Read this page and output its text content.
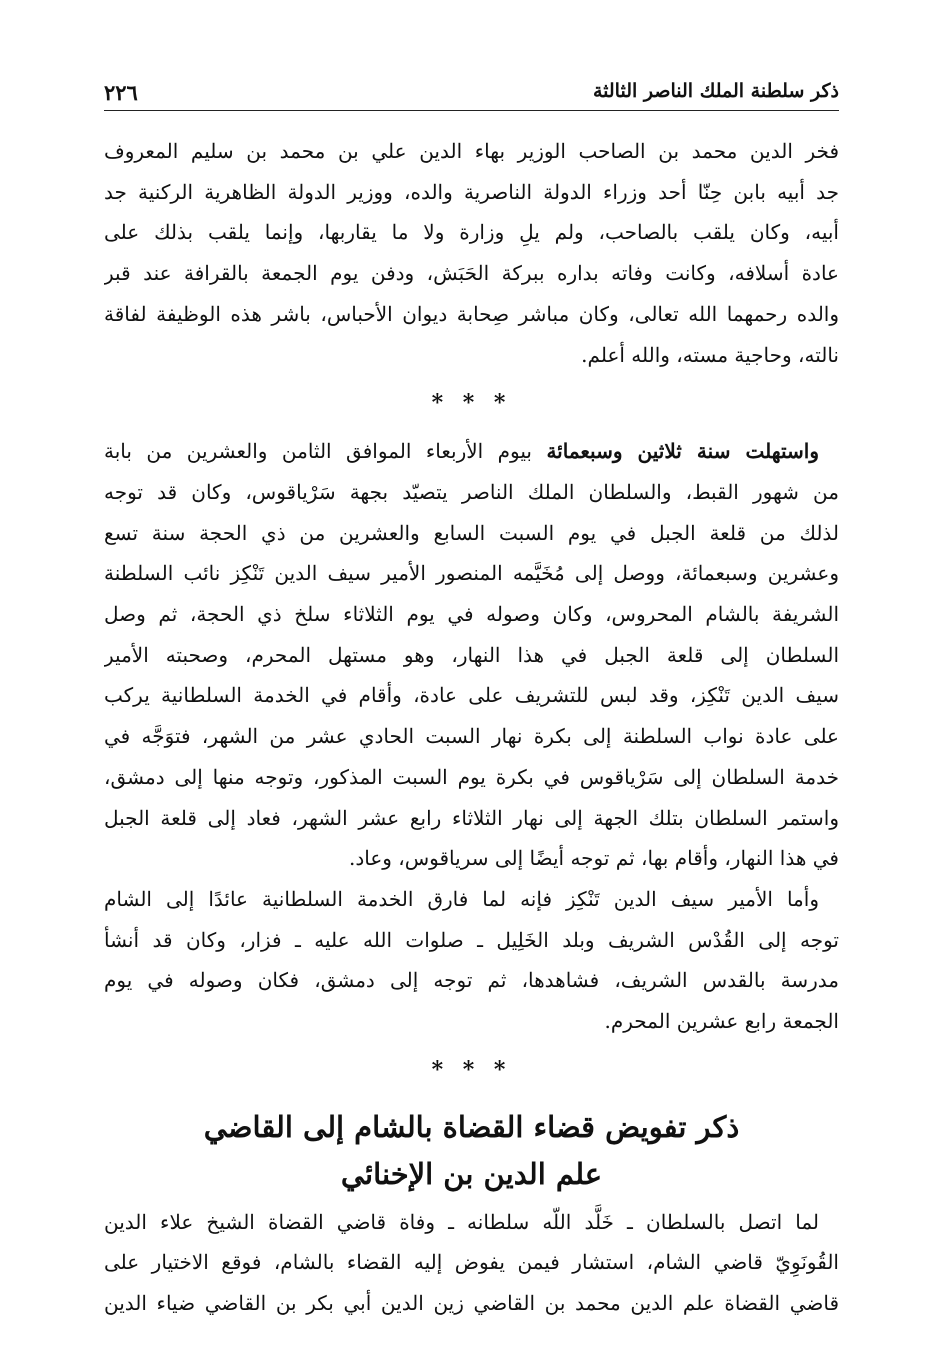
ذكر سلطنة الملك الناصر الثالثة
٢٢٦

فخر الدين محمد بن الصاحب الوزير بهاء الدين علي بن محمد بن سليم المعروف
جد أبيه بابن حِنّا أحد وزراء الدولة الناصرية والده، ووزير الدولة الظاهرية الركنية جد
أبيه، وكان يلقب بالصاحب، ولم يلِ وزارة ولا ما يقاربها، وإنما يلقب بذلك على
عادة أسلافه، وكانت وفاته بداره ببركة الحَبَش، ودفن يوم الجمعة بالقرافة عند قبر
والده رحمهما الله تعالى، وكان مباشر صِحابة ديوان الأحباس، باشر هذه الوظيفة لفاقة
نالته، وحاجية مسته، والله أعلم.

* * *

واستهلت سنة ثلاثين وسبعمائة بيوم الأربعاء الموافق الثامن والعشرين من بابة
من شهور القبط، والسلطان الملك الناصر يتصيّد بجهة سَرْياقوس، وكان قد توجه
لذلك من قلعة الجبل في يوم السبت السابع والعشرين من ذي الحجة سنة تسع
وعشرين وسبعمائة، ووصل إلى مُخَيَّمه المنصور الأمير سيف الدين تَنْكِز نائب السلطنة
الشريفة بالشام المحروس، وكان وصوله في يوم الثلاثاء سلخ ذي الحجة، ثم وصل
السلطان إلى قلعة الجبل في هذا النهار، وهو مستهل المحرم، وصحبته الأمير
سيف الدين تَنْكِز، وقد لبس للتشريف على عادة، وأقام في الخدمة السلطانية يركب
على عادة نواب السلطنة إلى بكرة نهار السبت الحادي عشر من الشهر، فتوَجَّه في
خدمة السلطان إلى سَرْياقوس في بكرة يوم السبت المذكور، وتوجه منها إلى دمشق،
واستمر السلطان بتلك الجهة إلى نهار الثلاثاء رابع عشر الشهر، فعاد إلى قلعة الجبل
في هذا النهار، وأقام بها، ثم توجه أيضًا إلى سرياقوس، وعاد.

وأما الأمير سيف الدين تَنْكِز فإنه لما فارق الخدمة السلطانية عائدًا إلى الشام
توجه إلى القُدْس الشريف وبلد الخَلِيل ـ صلوات الله عليه ـ فزار، وكان قد أنشأ
مدرسة بالقدس الشريف، فشاهدها، ثم توجه إلى دمشق، فكان وصوله في يوم
الجمعة رابع عشرين المحرم.

* * *
ذكر تفويض قضاء القضاة بالشام إلى القاضي
علم الدين بن الإخنائي

لما اتصل بالسلطان ـ خَلَّد اللّه سلطانه ـ وفاة قاضي القضاة الشيخ علاء الدين
القُونَوِيّ قاضي الشام، استشار فيمن يفوض إليه القضاء بالشام، فوقع الاختيار على
قاضي القضاة علم الدين محمد بن القاضي زين الدين أبي بكر بن القاضي ضياء الدين
